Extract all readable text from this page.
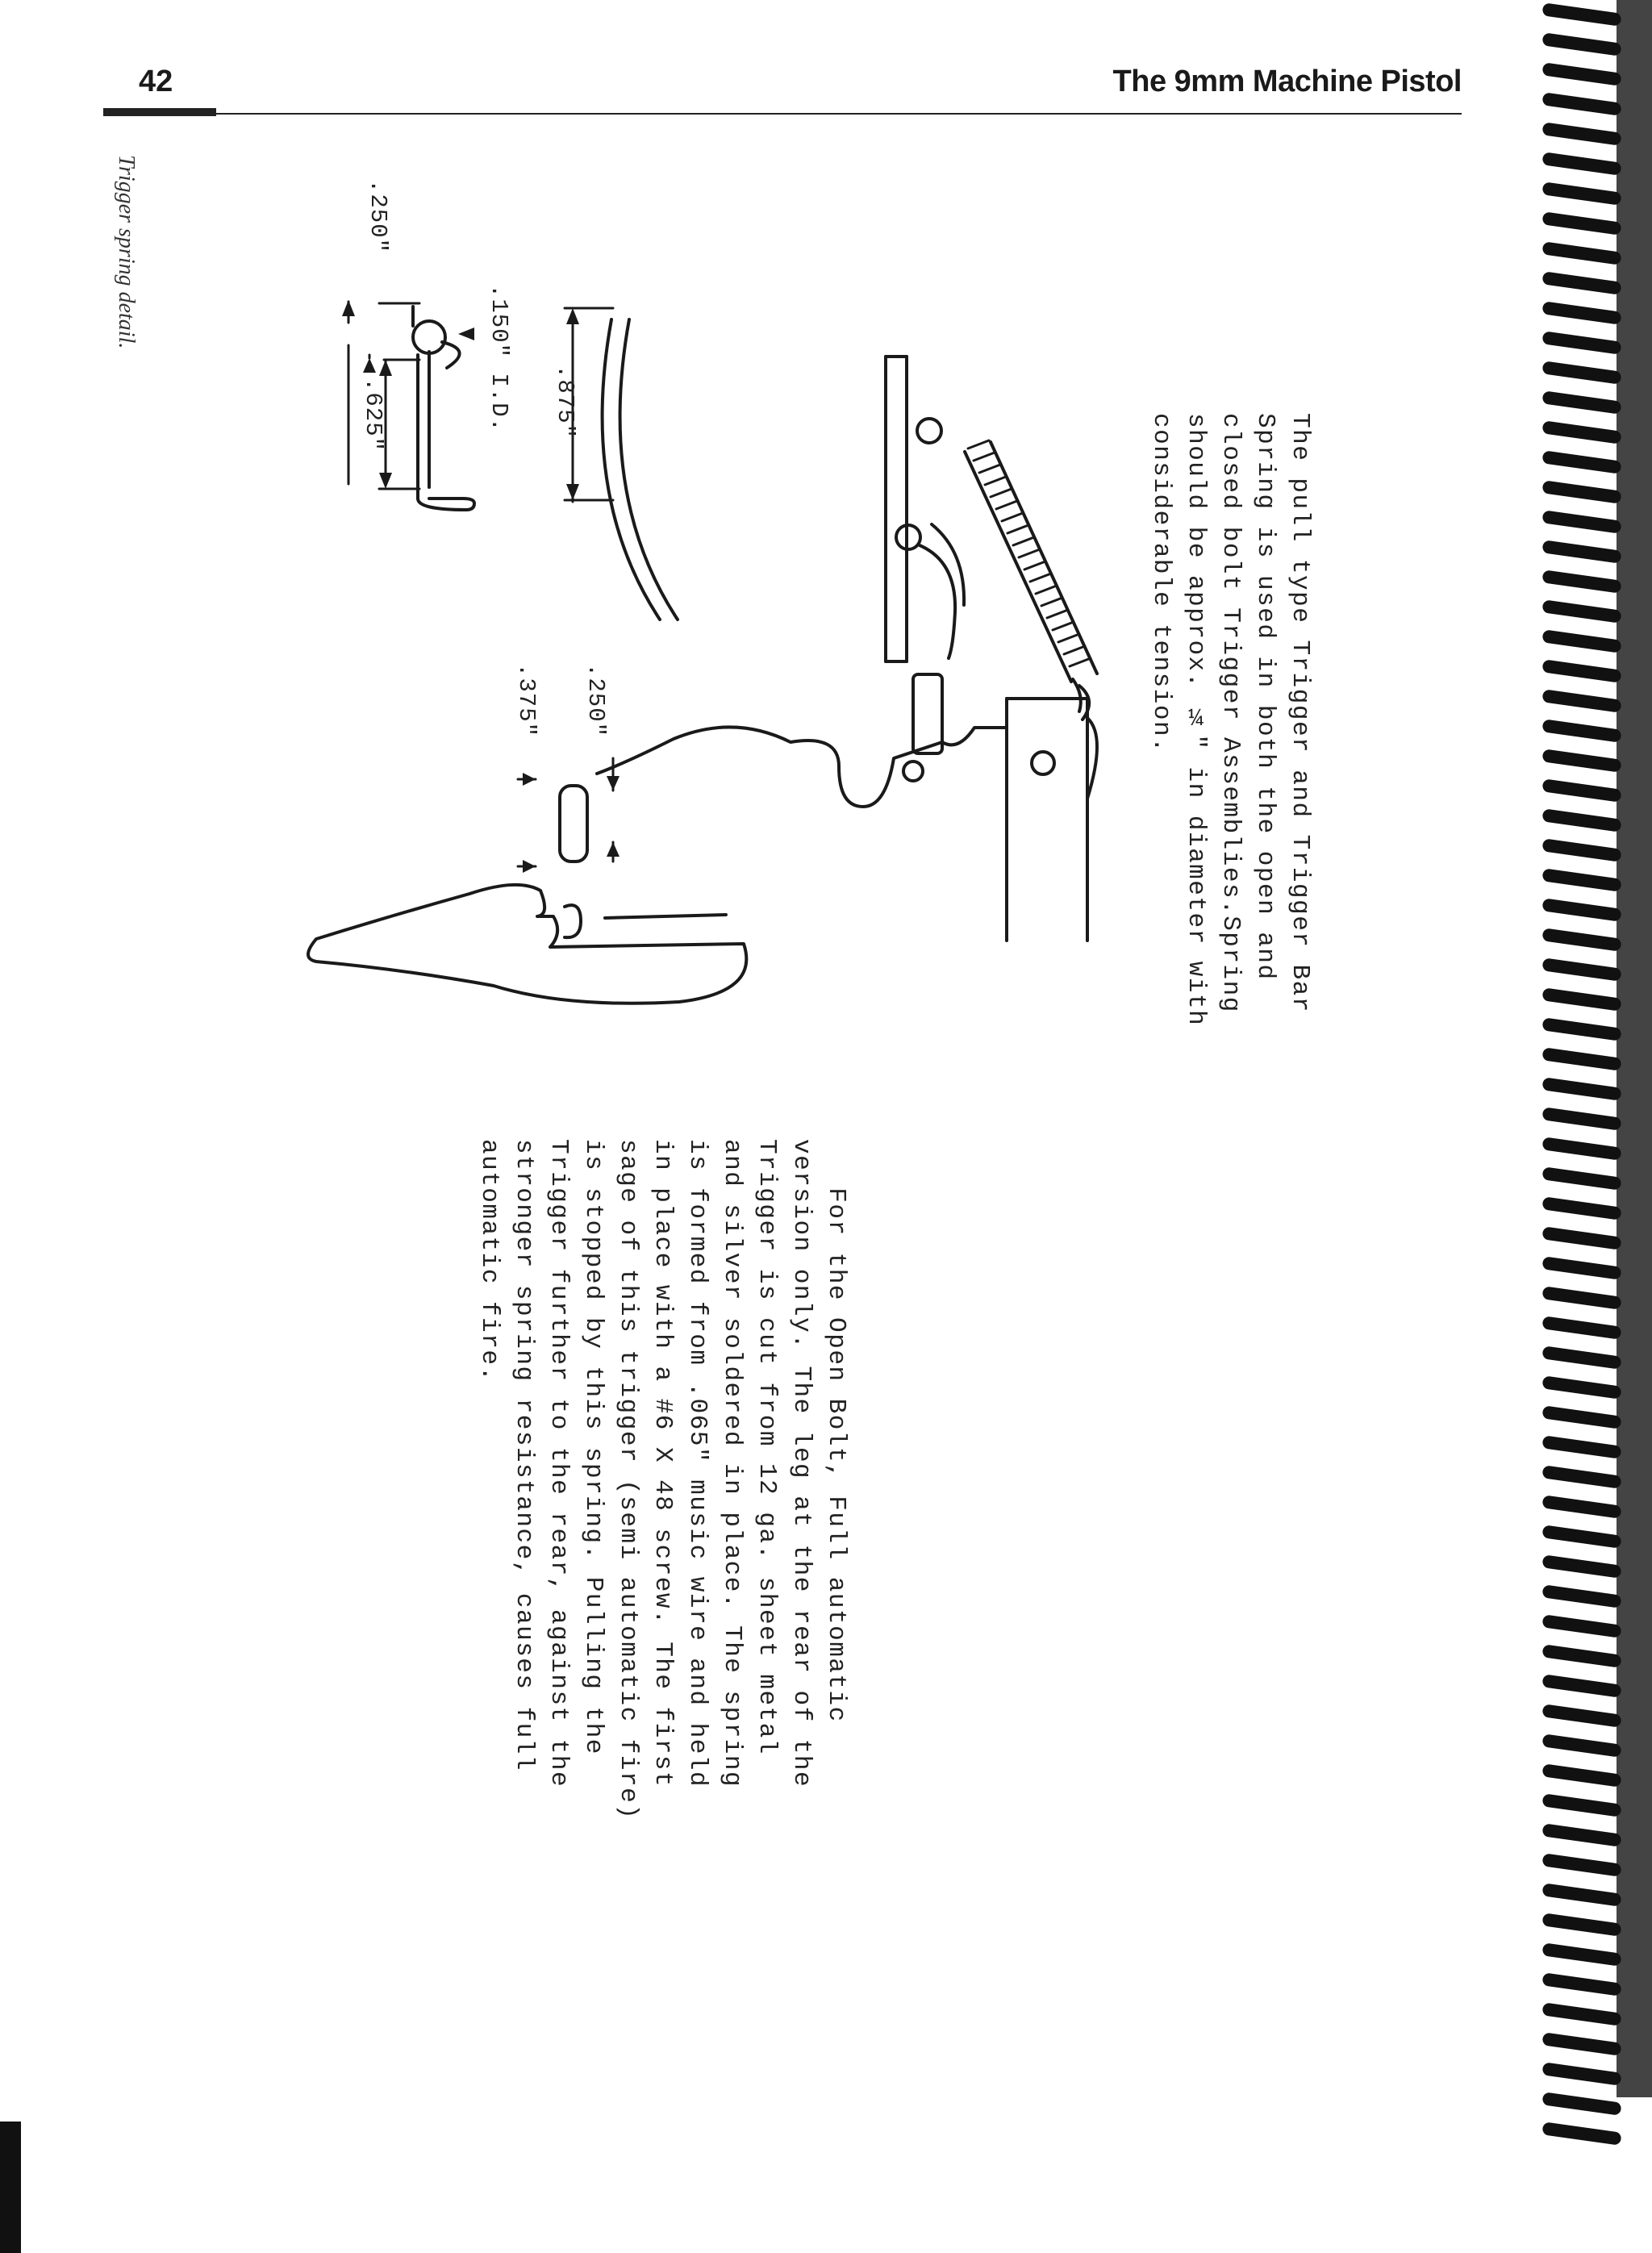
42	The 9mm Machine Pistol
Trigger spring detail.
The pull type Trigger and Trigger Bar
Spring is used in both the open and
closed bolt Trigger Assemblies.Spring
should be approx. ¼" in diameter with
considerable tension.
For the Open Bolt, Full automatic
version only. The leg at the rear of the
Trigger is cut from 12 ga. sheet metal
and silver soldered in place. The spring
is formed from .065" music wire and held
in place with a #6 X 48 screw. The first
sage of this trigger (semi automatic fire)
is stopped by this spring. Pulling the
Trigger further to the rear, against the
stronger spring resistance, causes full
automatic fire.
.875"
.250"
.150" I.D.
.625"
.250"
.375"
